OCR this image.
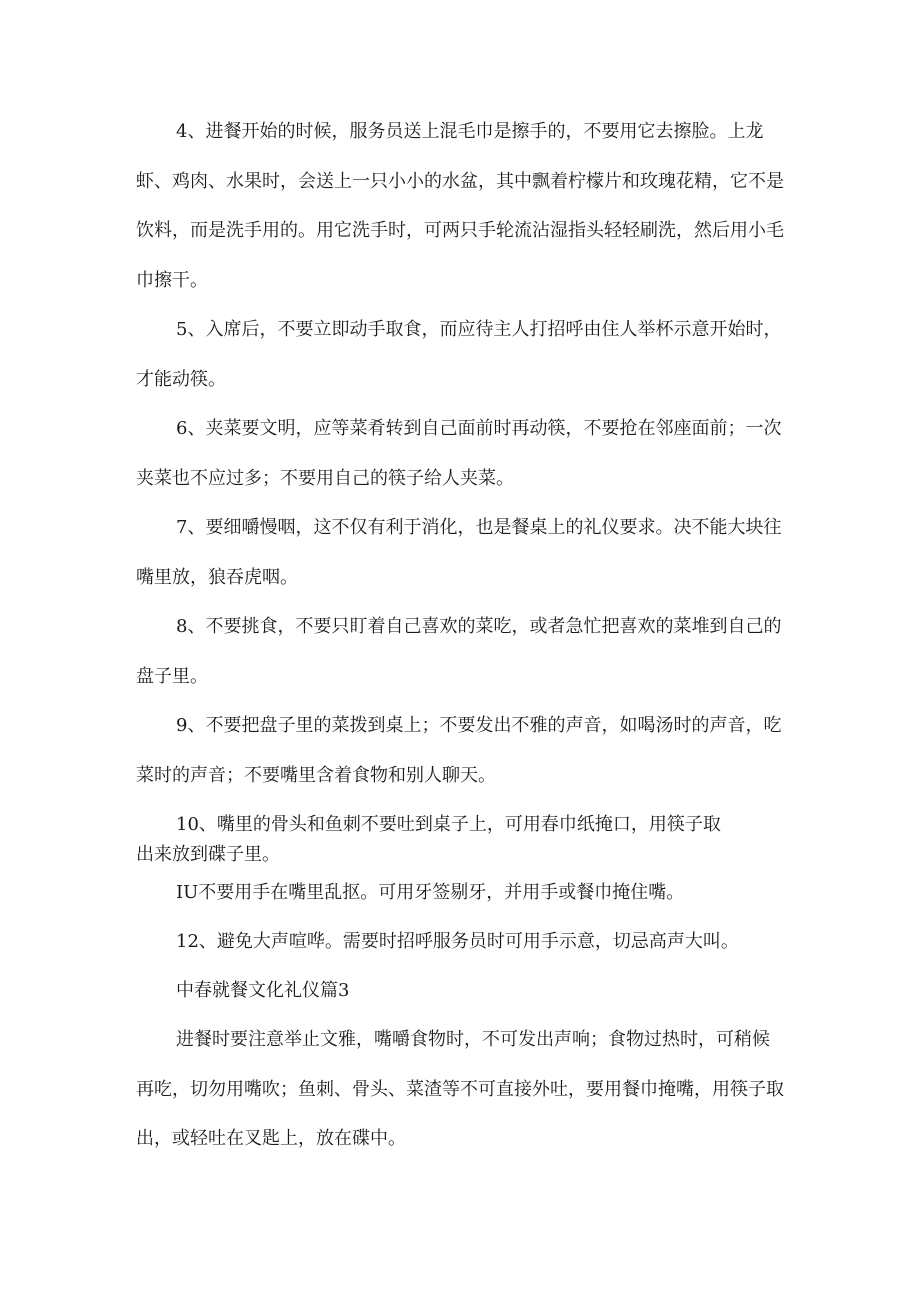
4、进餐开始的时候，服务员送上混毛巾是擦手的，不要用它去擦脸。上龙虾、鸡肉、水果时，会送上一只小小的水盆，其中飘着柠檬片和玫瑰花精，它不是饮料，而是洗手用的。用它洗手时，可两只手轮流沾湿指头轻轻刷洗，然后用小毛巾擦干。

5、入席后，不要立即动手取食，而应待主人打招呼由住人举杯示意开始时，才能动筷。

6、夹菜要文明，应等菜肴转到自己面前时再动筷，不要抢在邻座面前；一次夹菜也不应过多；不要用自己的筷子给人夹菜。

7、要细嚼慢咽，这不仅有利于消化，也是餐桌上的礼仪要求。决不能大块往嘴里放，狼吞虎咽。

8、不要挑食，不要只盯着自己喜欢的菜吃，或者急忙把喜欢的菜堆到自己的盘子里。

9、不要把盘子里的菜拨到桌上；不要发出不雅的声音，如喝汤时的声音，吃菜时的声音；不要嘴里含着食物和别人聊天。

10、嘴里的骨头和鱼刺不要吐到桌子上，可用春巾纸掩口，用筷子取出来放到碟子里。

IU不要用手在嘴里乱抠。可用牙签剔牙，并用手或餐巾掩住嘴。

12、避免大声喧哗。需要时招呼服务员时可用手示意，切忌高声大叫。

中春就餐文化礼仪篇3

进餐时要注意举止文雅，嘴嚼食物时，不可发出声响；食物过热时，可稍候再吃，切勿用嘴吹；鱼刺、骨头、菜渣等不可直接外吐，要用餐巾掩嘴，用筷子取出，或轻吐在叉匙上，放在碟中。
